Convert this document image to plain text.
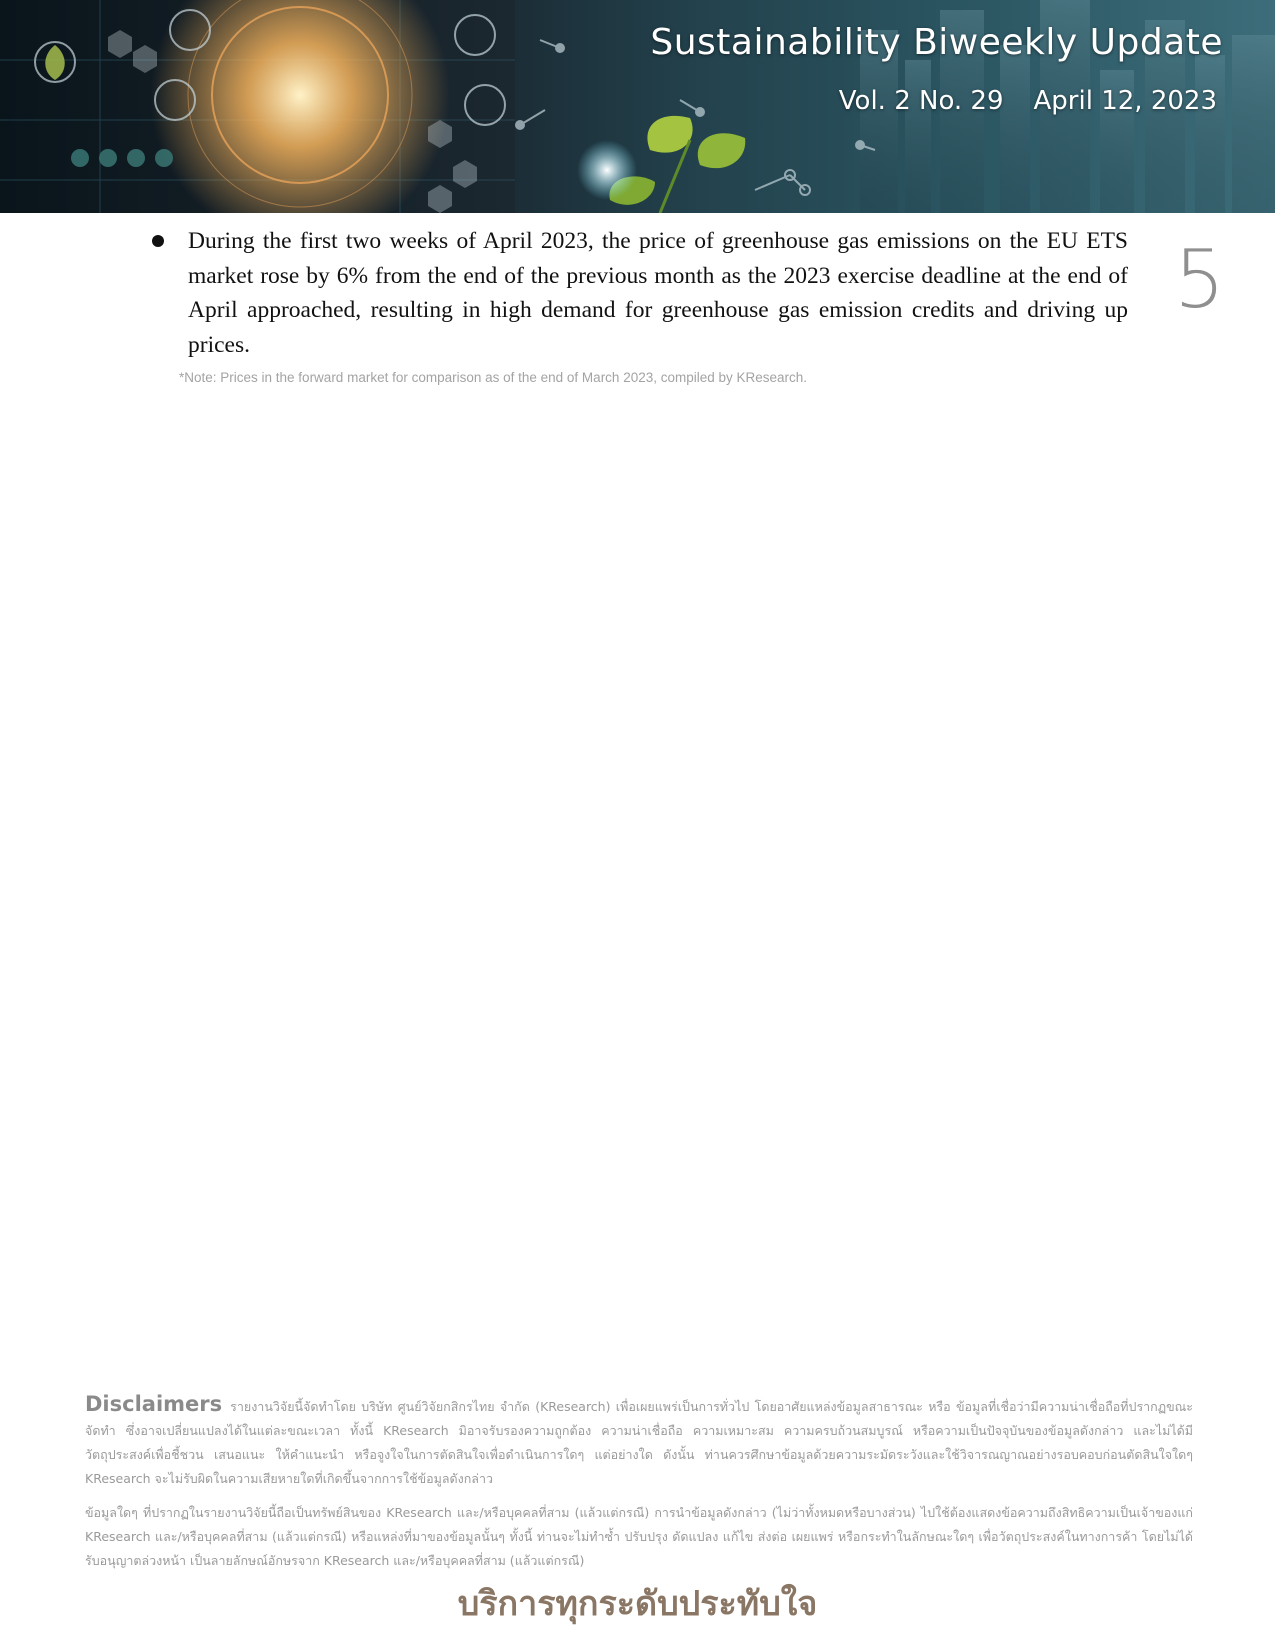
Sustainability Biweekly Update
Vol. 2 No. 29 April 12, 2023
5

During the first two weeks of April 2023, the price of greenhouse gas emissions on the EU ETS market rose by 6% from the end of the previous month as the 2023 exercise deadline at the end of April approached, resulting in high demand for greenhouse gas emission credits and driving up prices.

*Note: Prices in the forward market for comparison as of the end of March 2023, compiled by KResearch.

Disclaimers รายงานวิจัยนี้จัดทำโดย บริษัท ศูนย์วิจัยกสิกรไทย จำกัด (KResearch) เพื่อเผยแพร่เป็นการทั่วไป โดยอาศัยแหล่งข้อมูลสาธารณะ หรือ ข้อมูลที่เชื่อว่ามีความน่าเชื่อถือที่ปรากฏขณะจัดทำ ซึ่งอาจเปลี่ยนแปลงได้ในแต่ละขณะเวลา ทั้งนี้ KResearch มิอาจรับรองความถูกต้อง ความน่าเชื่อถือ ความเหมาะสม ความครบถ้วนสมบูรณ์ หรือความเป็นปัจจุบันของข้อมูลดังกล่าว และไม่ได้มีวัตถุประสงค์เพื่อชี้ชวน เสนอแนะ ให้คำแนะนำ หรือจูงใจในการตัดสินใจเพื่อดำเนินการใดๆ แต่อย่างใด ดังนั้น ท่านควรศึกษาข้อมูลด้วยความระมัดระวังและใช้วิจารณญาณอย่างรอบคอบก่อนตัดสินใจใดๆ KResearch จะไม่รับผิดในความเสียหายใดที่เกิดขึ้นจากการใช้ข้อมูลดังกล่าว

ข้อมูลใดๆ ที่ปรากฏในรายงานวิจัยนี้ถือเป็นทรัพย์สินของ KResearch และ/หรือบุคคลที่สาม (แล้วแต่กรณี) การนำข้อมูลดังกล่าว (ไม่ว่าทั้งหมดหรือบางส่วน) ไปใช้ต้องแสดงข้อความถึงสิทธิความเป็นเจ้าของแก่ KResearch และ/หรือบุคคลที่สาม (แล้วแต่กรณี) หรือแหล่งที่มาของข้อมูลนั้นๆ ทั้งนี้ ท่านจะไม่ทำซ้ำ ปรับปรุง ดัดแปลง แก้ไข ส่งต่อ เผยแพร่ หรือกระทำในลักษณะใดๆ เพื่อวัตถุประสงค์ในทางการค้า โดยไม่ได้รับอนุญาตล่วงหน้า เป็นลายลักษณ์อักษรจาก KResearch และ/หรือบุคคลที่สาม (แล้วแต่กรณี)

บริการทุกระดับประทับใจ
